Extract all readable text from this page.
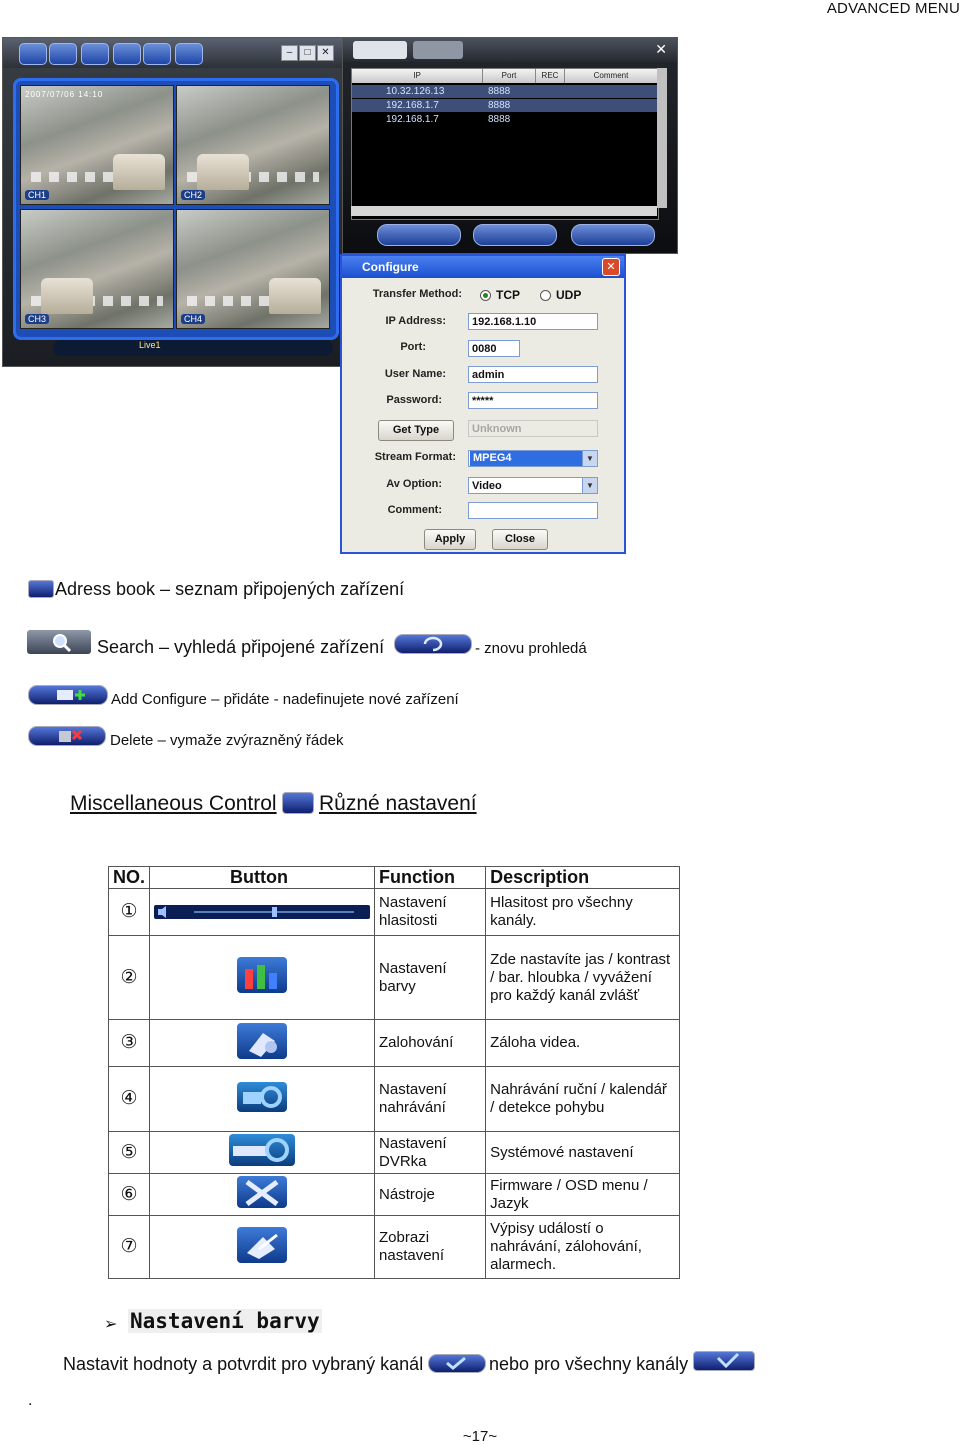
ADVANCED MENU
–	□	✕
2007/07/06 14:10
CH1	CH2
CH3	CH4
Live1
✕
IP	Port	REC	Comment
10.32.126.13	8888
192.168.1.7	8888
192.168.1.7	8888
Configure	✕
Transfer Method:	TCP	UDP
IP Address:	192.168.1.10
Port:	0080
User Name:	admin
Password:	*****
Get Type	Unknown
Stream Format: MPEG4	▼
Av Option:	Video	▼
Comment:
Apply	Close
Adress book – seznam připojených zařízení
Search – vyhledá připojené zařízení	- znovu prohledá
Add Configure – přidáte - nadefinujete nové zařízení
Delete – vymaže zvýrazněný řádek
Miscellaneous Control Různé nastavení
NO.	Button	Function	Description
①		Nastavení hlasitosti	Hlasitost pro všechny kanály.
②		Nastavení barvy	Zde nastavíte jas / kontrast / bar. hloubka / vyvážení pro každý kanál zvlášť
③		Zalohování	Záloha videa.
④		Nastavení nahrávání	Nahrávání ruční / kalendář / detekce pohybu
⑤		Nastavení DVRka	Systémové nastavení
⑥		Nástroje	Firmware / OSD menu / Jazyk
⑦		Zobrazi nastavení	Výpisy událostí o nahrávání, zálohování, alarmech.
➢ Nastavení barvy
Nastavit hodnoty a potvrdit pro vybraný kanál	nebo pro všechny kanály
.
~17~
